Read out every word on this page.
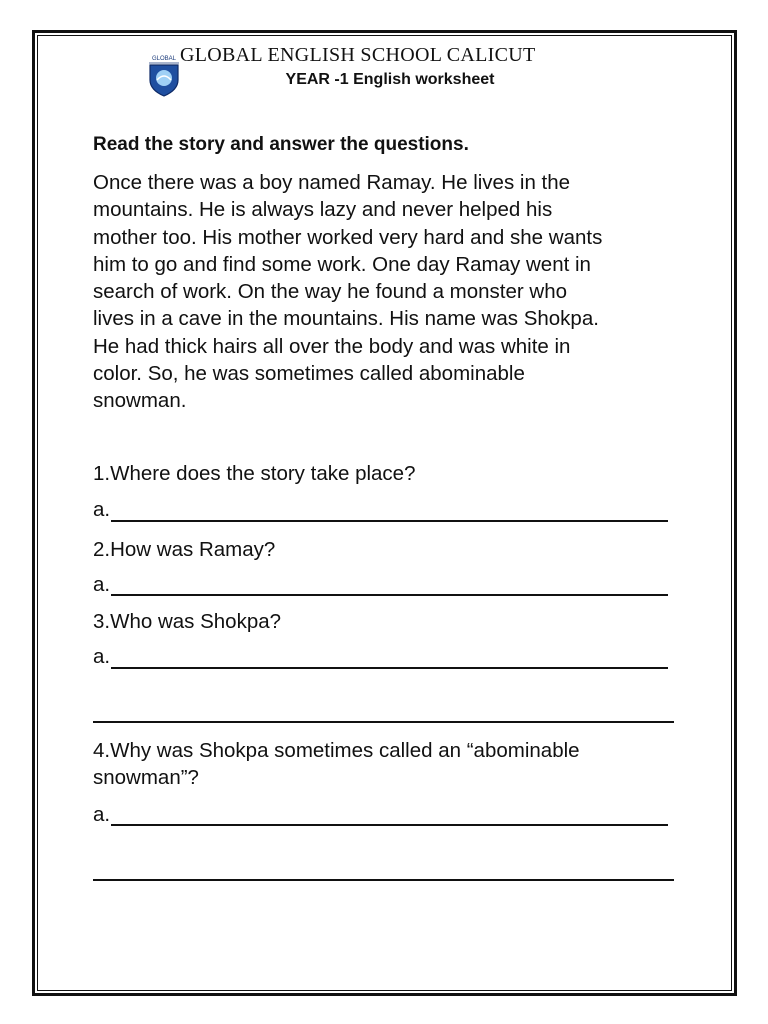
GLOBAL GLOBAL ENGLISH SCHOOL CALICUT
YEAR -1 English worksheet
Read the story and answer the questions.
Once there was a boy named Ramay. He lives in the
mountains. He is always lazy and never helped his
mother too. His mother worked very hard and she wants
him to go and find some work. One day Ramay went in
search of work. On the way he found a monster who
lives in a cave in the mountains. His name was Shokpa.
He had thick hairs all over the body and was white in
color. So, he was sometimes called abominable
snowman.
1.Where does the story take place?
a.
2.How was Ramay?
a.
3.Who was Shokpa?
a.
4.Why was Shokpa sometimes called an “abominable
snowman”?
a.
